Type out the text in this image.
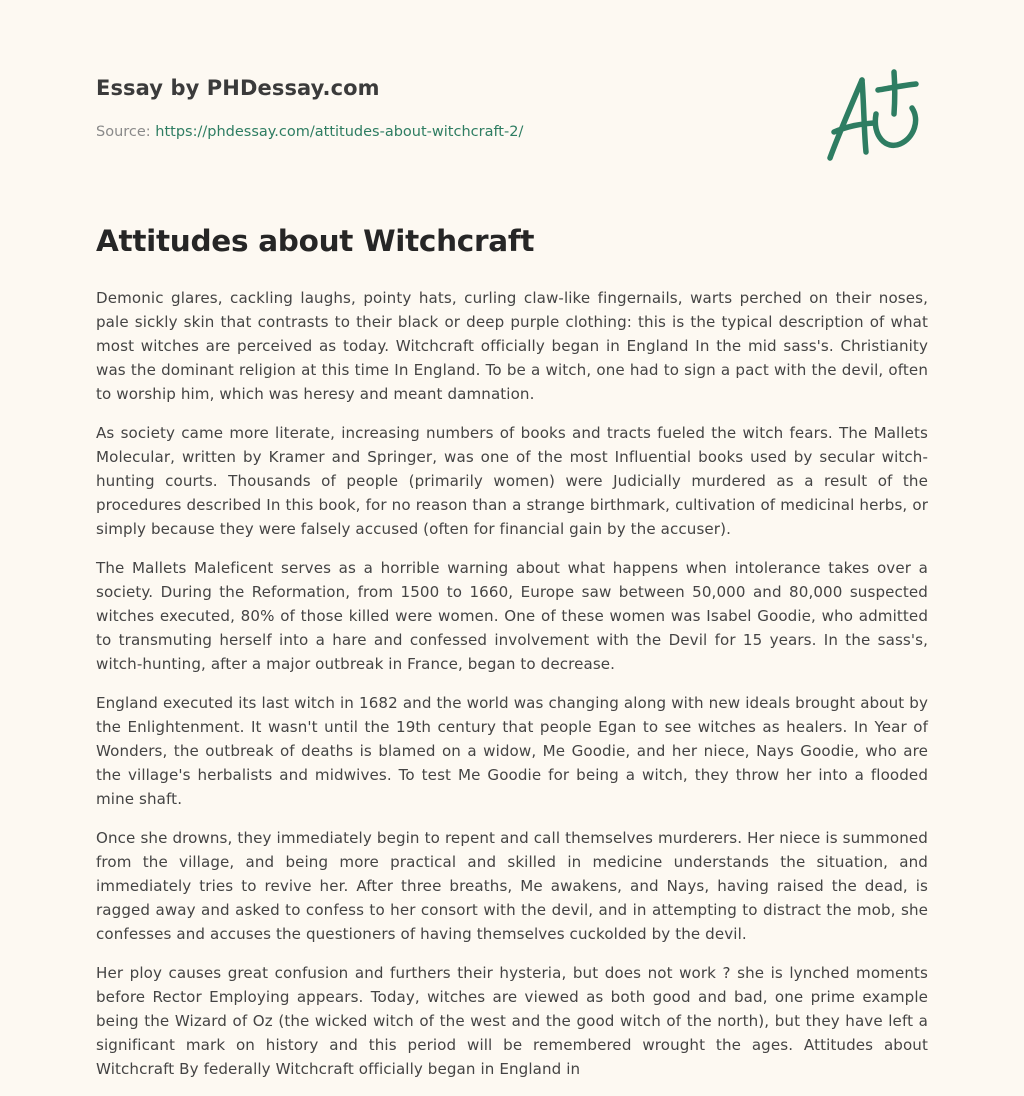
Essay by PHDessay.com
Source: https://phdessay.com/attitudes-about-witchcraft-2/
Attitudes about Witchcraft

Demonic glares, cackling laughs, pointy hats, curling claw-like fingernails, warts perched on their noses, pale sickly skin that contrasts to their black or deep purple clothing: this is the typical description of what most witches are perceived as today. Witchcraft officially began in England In the mid sass's. Christianity was the dominant religion at this time In England. To be a witch, one had to sign a pact with the devil, often to worship him, which was heresy and meant damnation.

As society came more literate, increasing numbers of books and tracts fueled the witch fears. The Mallets Molecular, written by Kramer and Springer, was one of the most Influential books used by secular witch-hunting courts. Thousands of people (primarily women) were Judicially murdered as a result of the procedures described In this book, for no reason than a strange birthmark, cultivation of medicinal herbs, or simply because they were falsely accused (often for financial gain by the accuser).

The Mallets Maleficent serves as a horrible warning about what happens when intolerance takes over a society. During the Reformation, from 1500 to 1660, Europe saw between 50,000 and 80,000 suspected witches executed, 80% of those killed were women. One of these women was Isabel Goodie, who admitted to transmuting herself into a hare and confessed involvement with the Devil for 15 years. In the sass's, witch-hunting, after a major outbreak in France, began to decrease.

England executed its last witch in 1682 and the world was changing along with new ideals brought about by the Enlightenment. It wasn't until the 19th century that people Egan to see witches as healers. In Year of Wonders, the outbreak of deaths is blamed on a widow, Me Goodie, and her niece, Nays Goodie, who are the village's herbalists and midwives. To test Me Goodie for being a witch, they throw her into a flooded mine shaft.

Once she drowns, they immediately begin to repent and call themselves murderers. Her niece is summoned from the village, and being more practical and skilled in medicine understands the situation, and immediately tries to revive her. After three breaths, Me awakens, and Nays, having raised the dead, is ragged away and asked to confess to her consort with the devil, and in attempting to distract the mob, she confesses and accuses the questioners of having themselves cuckolded by the devil.

Her ploy causes great confusion and furthers their hysteria, but does not work ? she is lynched moments before Rector Employing appears. Today, witches are viewed as both good and bad, one prime example being the Wizard of Oz (the wicked witch of the west and the good witch of the north), but they have left a significant mark on history and this period will be remembered wrought the ages. Attitudes about Witchcraft By federally Witchcraft officially began in England in
